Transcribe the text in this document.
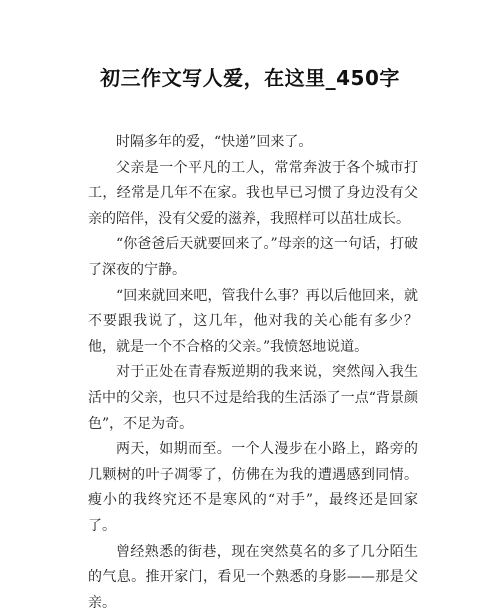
初三作文写人爱，在这里_450字

时隔多年的爱，“快递”回来了。

父亲是一个平凡的工人，常常奔波于各个城市打工，经常是几年不在家。我也早已习惯了身边没有父亲的陪伴，没有父爱的滋养，我照样可以茁壮成长。

“你爸爸后天就要回来了。”母亲的这一句话，打破了深夜的宁静。

“回来就回来吧，管我什么事？再以后他回来，就不要跟我说了，这几年，他对我的关心能有多少？他，就是一个不合格的父亲。”我愤怒地说道。

对于正处在青春叛逆期的我来说，突然闯入我生活中的父亲，也只不过是给我的生活添了一点“背景颜色”，不足为奇。

两天，如期而至。一个人漫步在小路上，路旁的几颗树的叶子凋零了，仿佛在为我的遭遇感到同情。瘦小的我终究还不是寒风的“对手”，最终还是回家了。

曾经熟悉的街巷，现在突然莫名的多了几分陌生的气息。推开家门，看见一个熟悉的身影——那是父亲。
